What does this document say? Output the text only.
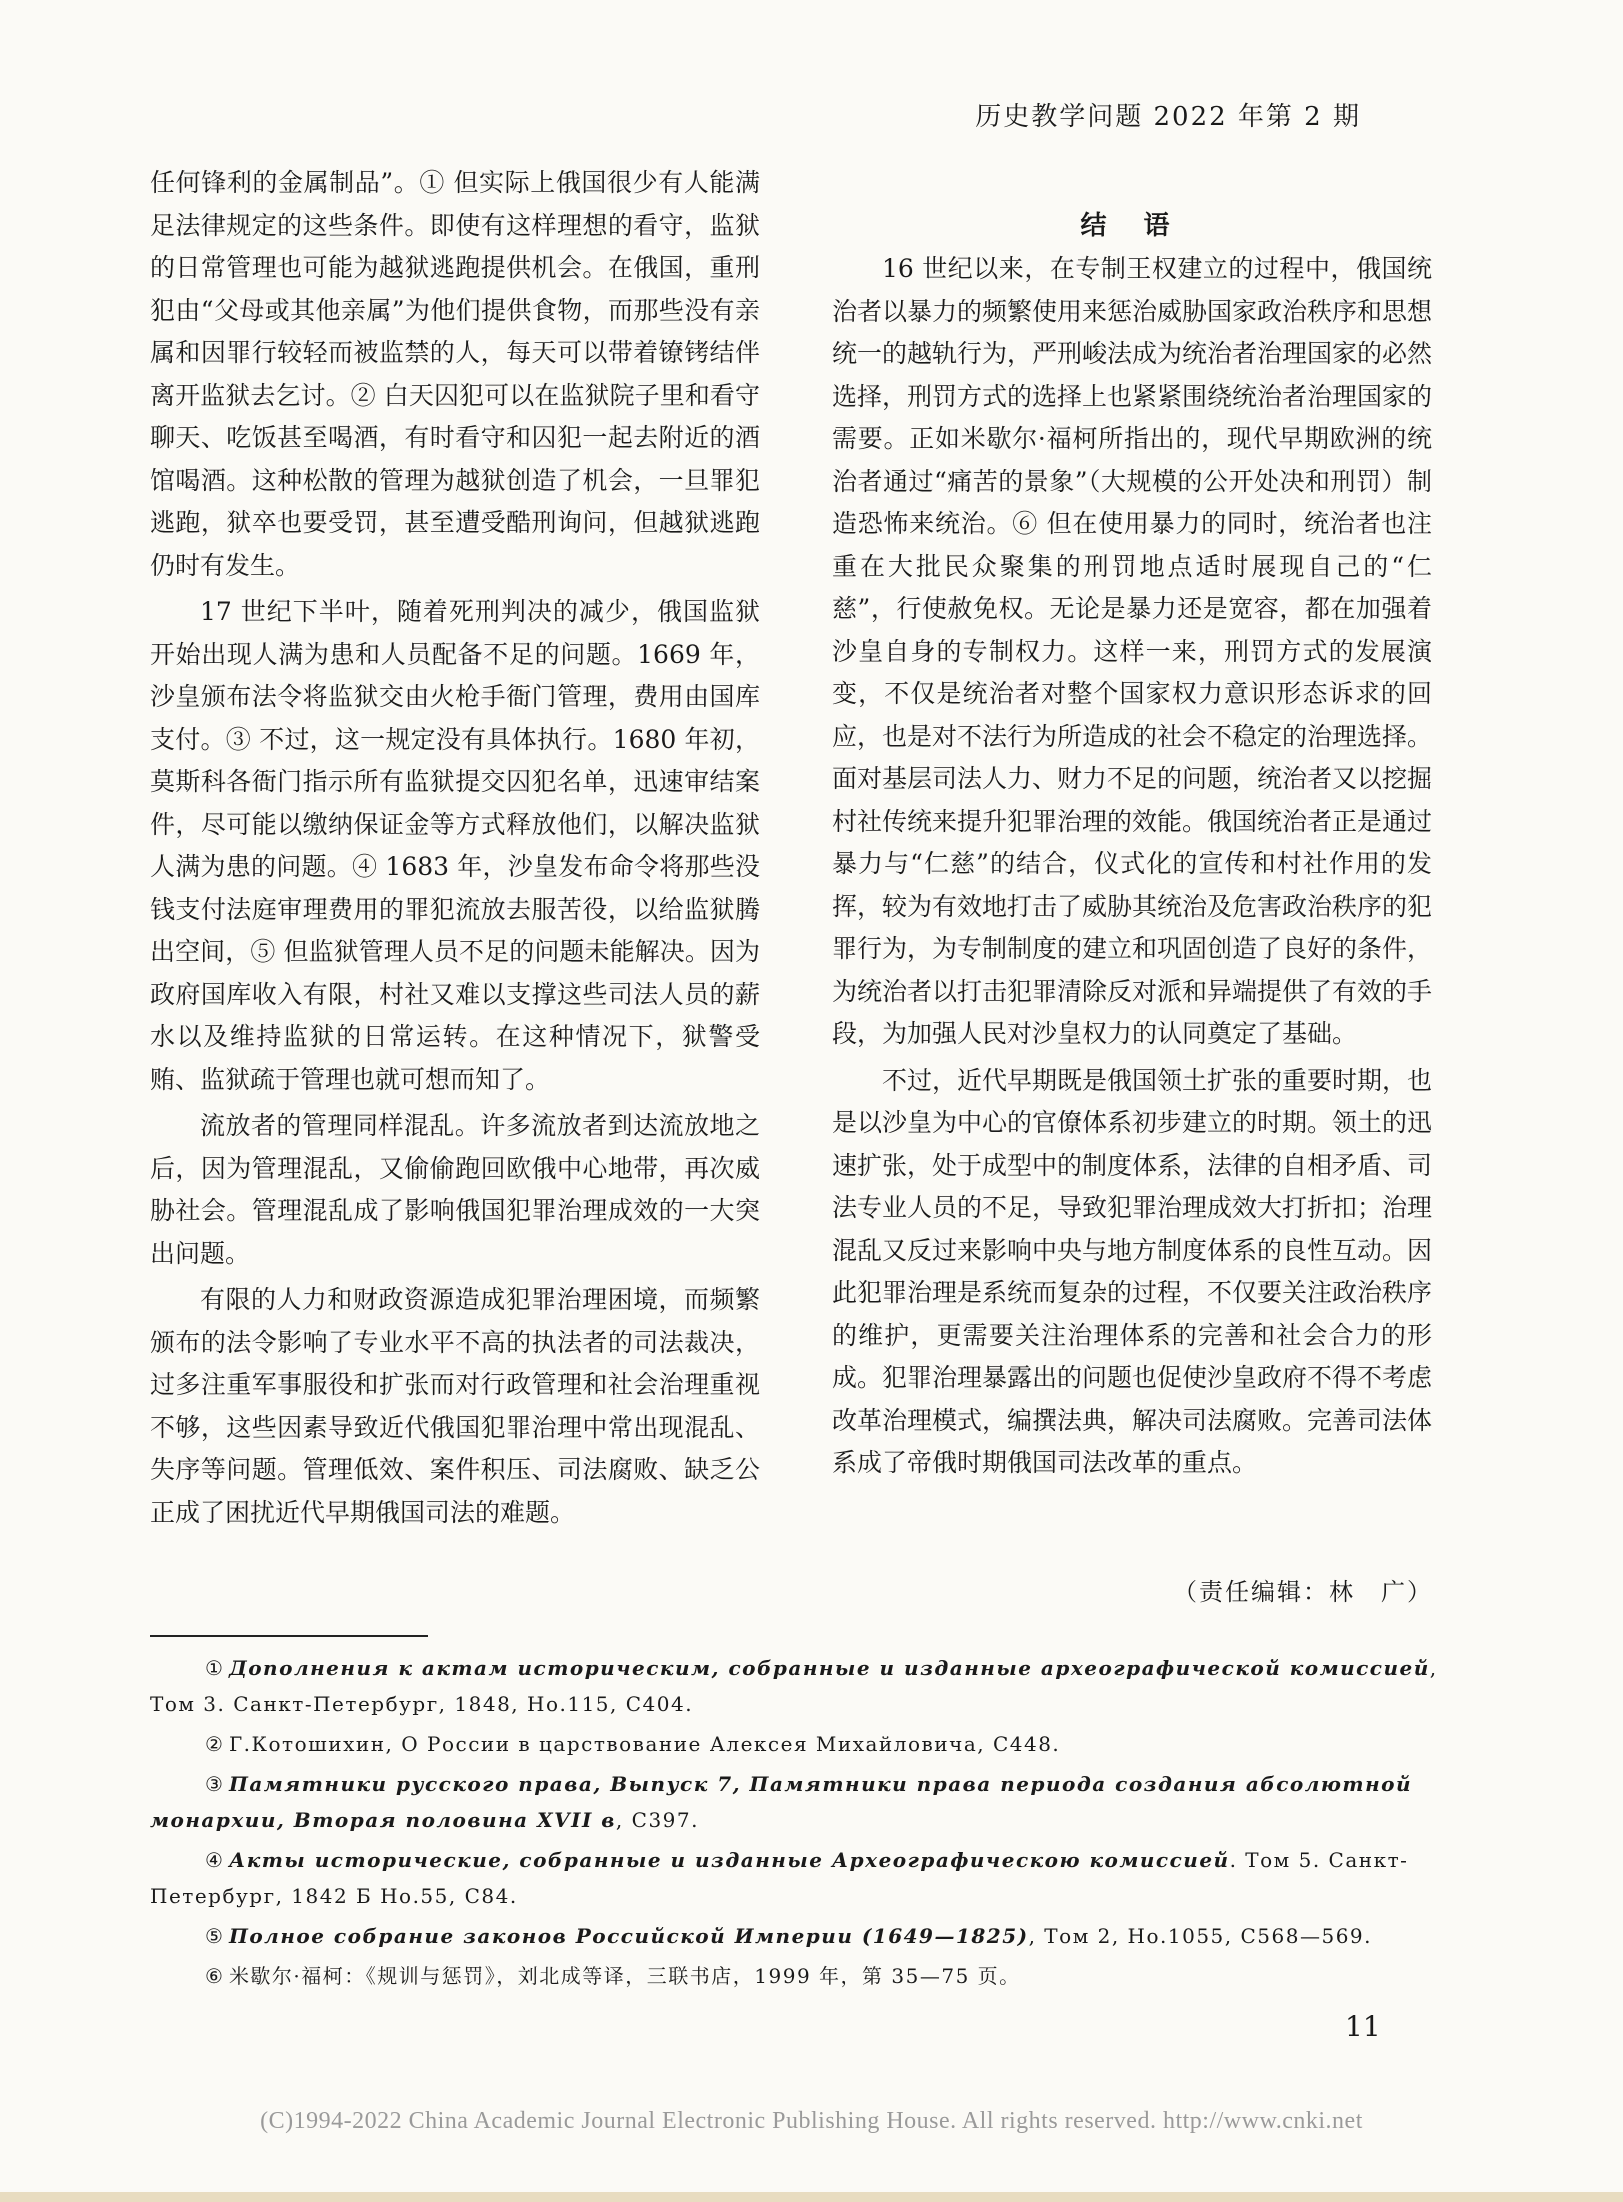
历史教学问题 2022 年第 2 期

任何锋利的金属制品”。① 但实际上俄国很少有人能满足法律规定的这些条件。即使有这样理想的看守，监狱的日常管理也可能为越狱逃跑提供机会。在俄国，重刑犯由“父母或其他亲属”为他们提供食物，而那些没有亲属和因罪行较轻而被监禁的人，每天可以带着镣铐结伴离开监狱去乞讨。② 白天囚犯可以在监狱院子里和看守聊天、吃饭甚至喝酒，有时看守和囚犯一起去附近的酒馆喝酒。这种松散的管理为越狱创造了机会，一旦罪犯逃跑，狱卒也要受罚，甚至遭受酷刑询问，但越狱逃跑仍时有发生。

17 世纪下半叶，随着死刑判决的减少，俄国监狱开始出现人满为患和人员配备不足的问题。1669 年，沙皇颁布法令将监狱交由火枪手衙门管理，费用由国库支付。③ 不过，这一规定没有具体执行。1680 年初，莫斯科各衙门指示所有监狱提交囚犯名单，迅速审结案件，尽可能以缴纳保证金等方式释放他们，以解决监狱人满为患的问题。④ 1683 年，沙皇发布命令将那些没钱支付法庭审理费用的罪犯流放去服苦役，以给监狱腾出空间，⑤ 但监狱管理人员不足的问题未能解决。因为政府国库收入有限，村社又难以支撑这些司法人员的薪水以及维持监狱的日常运转。在这种情况下，狱警受贿、监狱疏于管理也就可想而知了。

流放者的管理同样混乱。许多流放者到达流放地之后，因为管理混乱，又偷偷跑回欧俄中心地带，再次威胁社会。管理混乱成了影响俄国犯罪治理成效的一大突出问题。

有限的人力和财政资源造成犯罪治理困境，而频繁颁布的法令影响了专业水平不高的执法者的司法裁决，过多注重军事服役和扩张而对行政管理和社会治理重视不够，这些因素导致近代俄国犯罪治理中常出现混乱、失序等问题。管理低效、案件积压、司法腐败、缺乏公正成了困扰近代早期俄国司法的难题。

结 语

16 世纪以来，在专制王权建立的过程中，俄国统治者以暴力的频繁使用来惩治威胁国家政治秩序和思想统一的越轨行为，严刑峻法成为统治者治理国家的必然选择，刑罚方式的选择上也紧紧围绕统治者治理国家的需要。正如米歇尔·福柯所指出的，现代早期欧洲的统治者通过“痛苦的景象”（大规模的公开处决和刑罚）制造恐怖来统治。⑥ 但在使用暴力的同时，统治者也注重在大批民众聚集的刑罚地点适时展现自己的“仁慈”，行使赦免权。无论是暴力还是宽容，都在加强着沙皇自身的专制权力。这样一来，刑罚方式的发展演变，不仅是统治者对整个国家权力意识形态诉求的回应，也是对不法行为所造成的社会不稳定的治理选择。面对基层司法人力、财力不足的问题，统治者又以挖掘村社传统来提升犯罪治理的效能。俄国统治者正是通过暴力与“仁慈”的结合，仪式化的宣传和村社作用的发挥，较为有效地打击了威胁其统治及危害政治秩序的犯罪行为，为专制制度的建立和巩固创造了良好的条件，为统治者以打击犯罪清除反对派和异端提供了有效的手段，为加强人民对沙皇权力的认同奠定了基础。

不过，近代早期既是俄国领土扩张的重要时期，也是以沙皇为中心的官僚体系初步建立的时期。领土的迅速扩张，处于成型中的制度体系，法律的自相矛盾、司法专业人员的不足，导致犯罪治理成效大打折扣；治理混乱又反过来影响中央与地方制度体系的良性互动。因此犯罪治理是系统而复杂的过程，不仅要关注政治秩序的维护，更需要关注治理体系的完善和社会合力的形成。犯罪治理暴露出的问题也促使沙皇政府不得不考虑改革治理模式，编撰法典，解决司法腐败。完善司法体系成了帝俄时期俄国司法改革的重点。

（责任编辑：林　广）
① Дополнения к актам историческим, собранные и изданные археографической комиссией, Том 3. Санкт-Петербург, 1848, Но.115, С404.
② Г.Котошихин, О России в царствование Алексея Михайловича, С448.
③ Памятники русского права, Выпуск 7, Памятники права периода создания абсолютной монархии, Вторая половина XVII в, С397.
④ Акты исторические, собранные и изданные Археографическою комиссией. Том 5. Санкт-Петербург, 1842 Б Но.55, С84.
⑤ Полное собрание законов Российской Империи (1649—1825), Том 2, Но.1055, С568—569.
⑥ 米歇尔·福柯：《规训与惩罚》，刘北成等译，三联书店，1999 年，第 35—75 页。
11
(C)1994-2022 China Academic Journal Electronic Publishing House. All rights reserved. http://www.cnki.net
